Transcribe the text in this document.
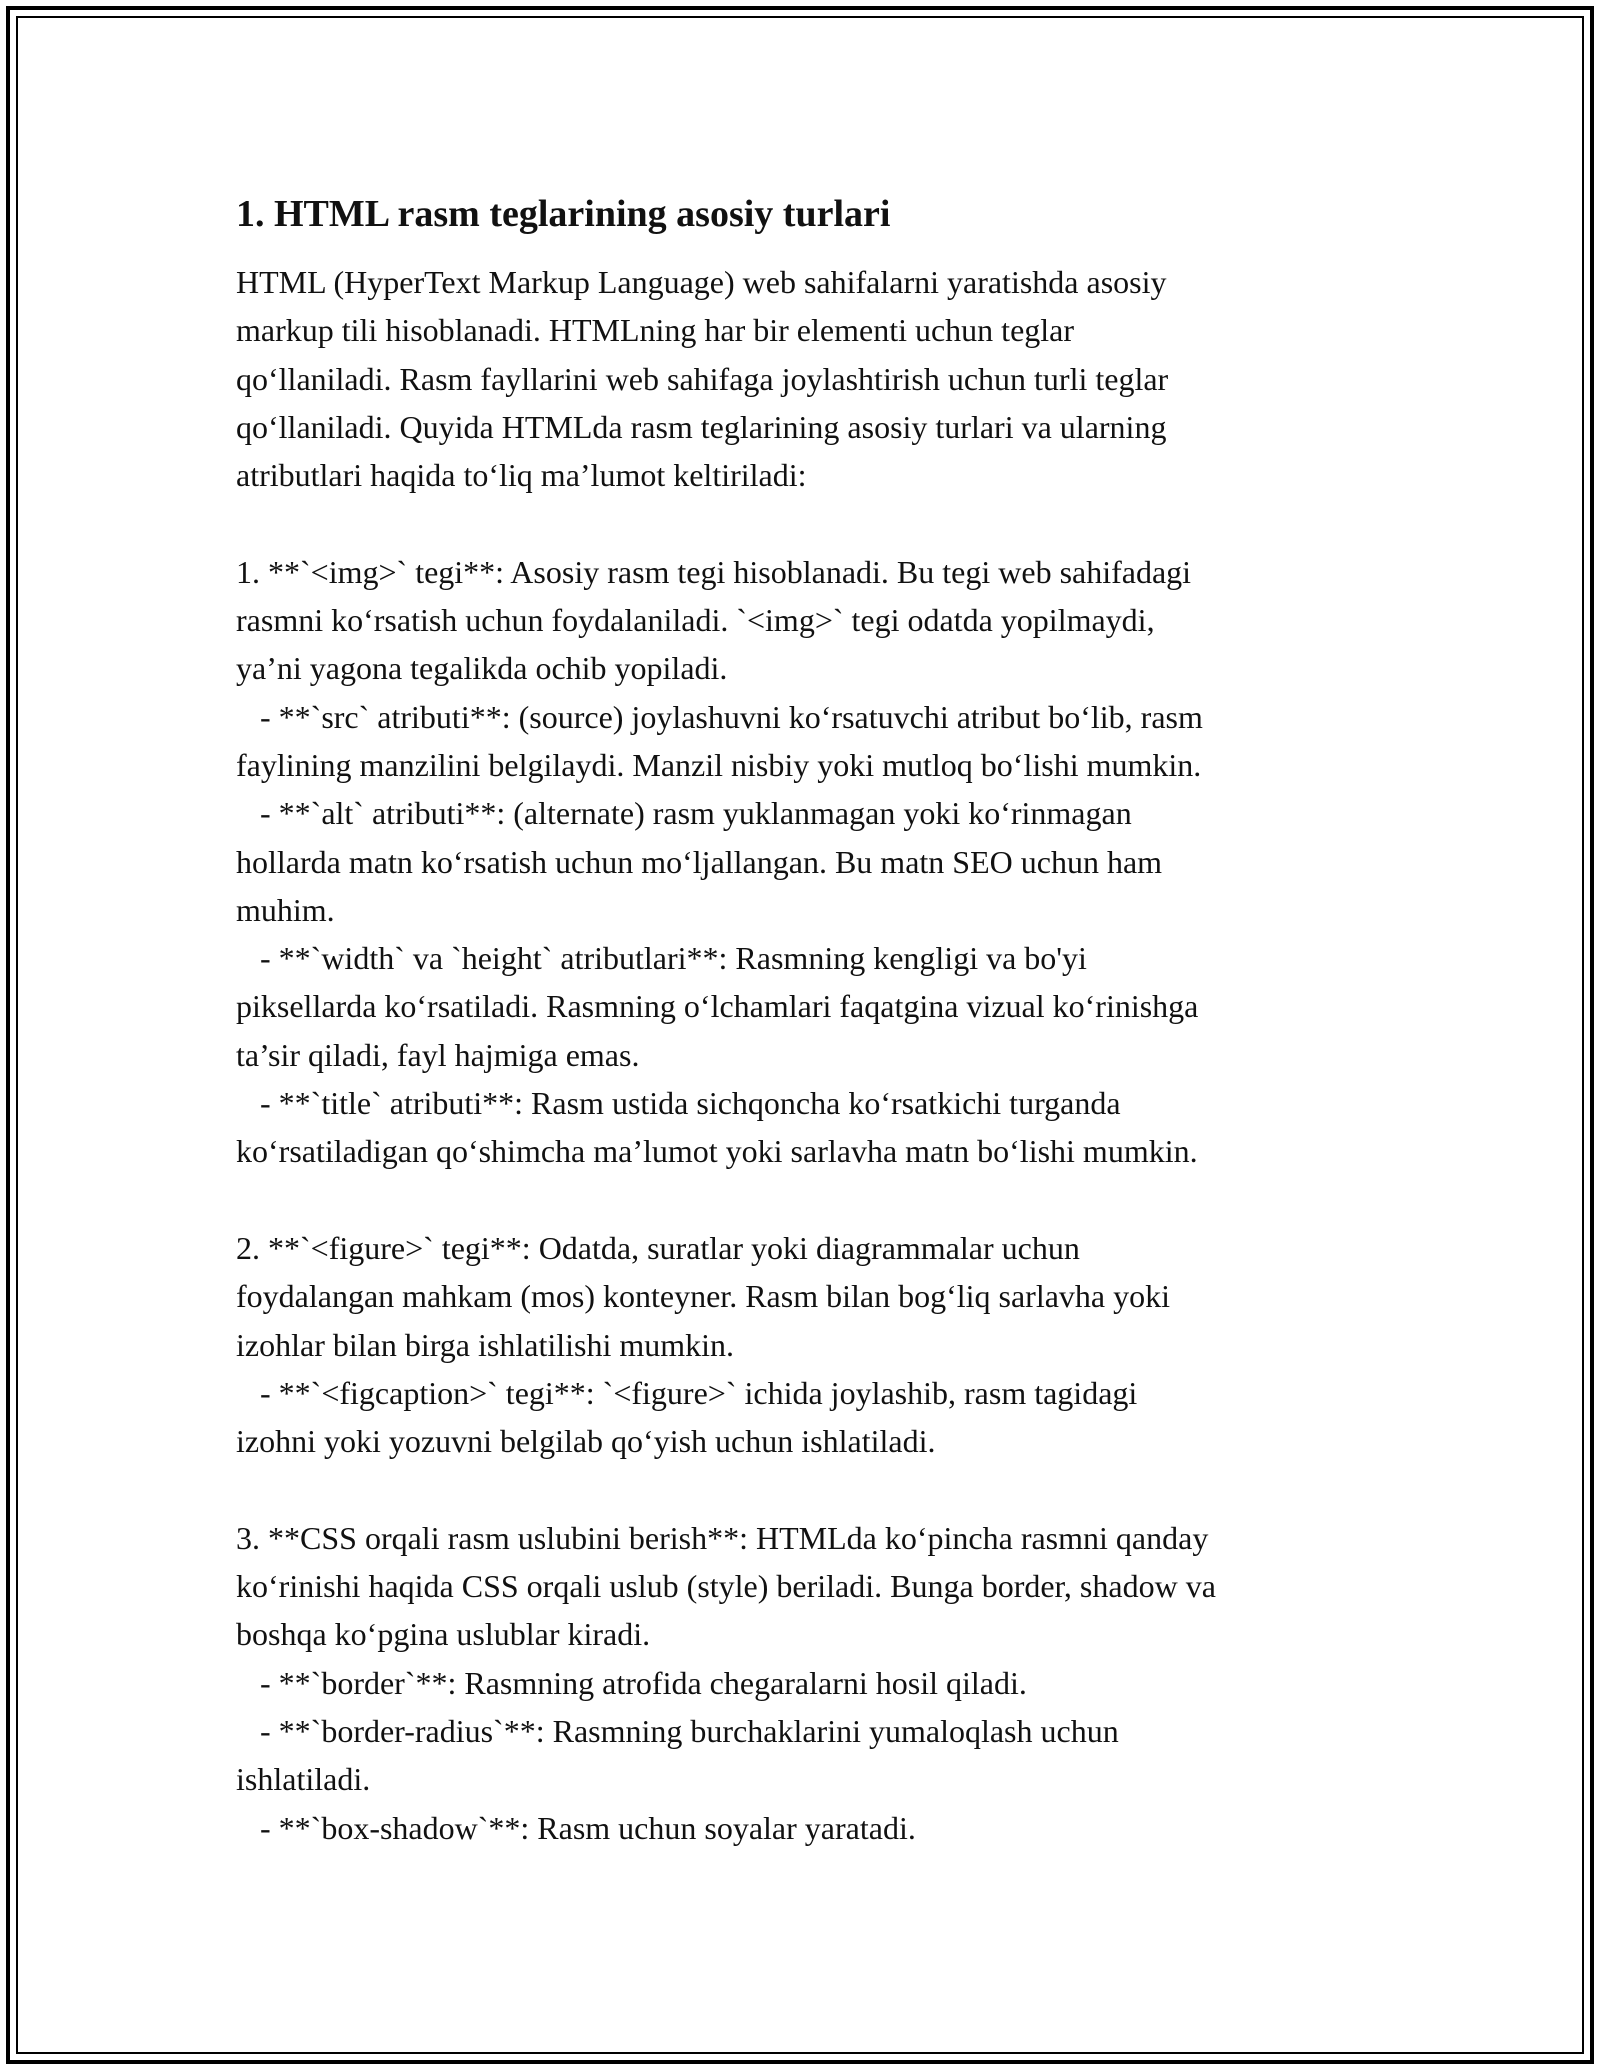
1. HTML rasm teglarining asosiy turlari
HTML (HyperText Markup Language) web sahifalarni yaratishda asosiy
markup tili hisoblanadi. HTMLning har bir elementi uchun teglar
qo‘llaniladi. Rasm fayllarini web sahifaga joylashtirish uchun turli teglar
qo‘llaniladi. Quyida HTMLda rasm teglarining asosiy turlari va ularning
atributlari haqida to‘liq ma’lumot keltiriladi:

1. **`<img>` tegi**: Asosiy rasm tegi hisoblanadi. Bu tegi web sahifadagi
rasmni ko‘rsatish uchun foydalaniladi. `<img>` tegi odatda yopilmaydi,
ya’ni yagona tegalikda ochib yopiladi.
- **`src` atributi**: (source) joylashuvni ko‘rsatuvchi atribut bo‘lib, rasm
faylining manzilini belgilaydi. Manzil nisbiy yoki mutloq bo‘lishi mumkin.
- **`alt` atributi**: (alternate) rasm yuklanmagan yoki ko‘rinmagan
hollarda matn ko‘rsatish uchun mo‘ljallangan. Bu matn SEO uchun ham
muhim.
- **`width` va `height` atributlari**: Rasmning kengligi va bo'yi
piksellarda ko‘rsatiladi. Rasmning o‘lchamlari faqatgina vizual ko‘rinishga
ta’sir qiladi, fayl hajmiga emas.
- **`title` atributi**: Rasm ustida sichqoncha ko‘rsatkichi turganda
ko‘rsatiladigan qo‘shimcha ma’lumot yoki sarlavha matn bo‘lishi mumkin.

2. **`<figure>` tegi**: Odatda, suratlar yoki diagrammalar uchun
foydalangan mahkam (mos) konteyner. Rasm bilan bog‘liq sarlavha yoki
izohlar bilan birga ishlatilishi mumkin.
- **`<figcaption>` tegi**: `<figure>` ichida joylashib, rasm tagidagi
izohni yoki yozuvni belgilab qo‘yish uchun ishlatiladi.

3. **CSS orqali rasm uslubini berish**: HTMLda ko‘pincha rasmni qanday
ko‘rinishi haqida CSS orqali uslub (style) beriladi. Bunga border, shadow va
boshqa ko‘pgina uslublar kiradi.
- **`border`**: Rasmning atrofida chegaralarni hosil qiladi.
- **`border-radius`**: Rasmning burchaklarini yumaloqlash uchun
ishlatiladi.
- **`box-shadow`**: Rasm uchun soyalar yaratadi.
